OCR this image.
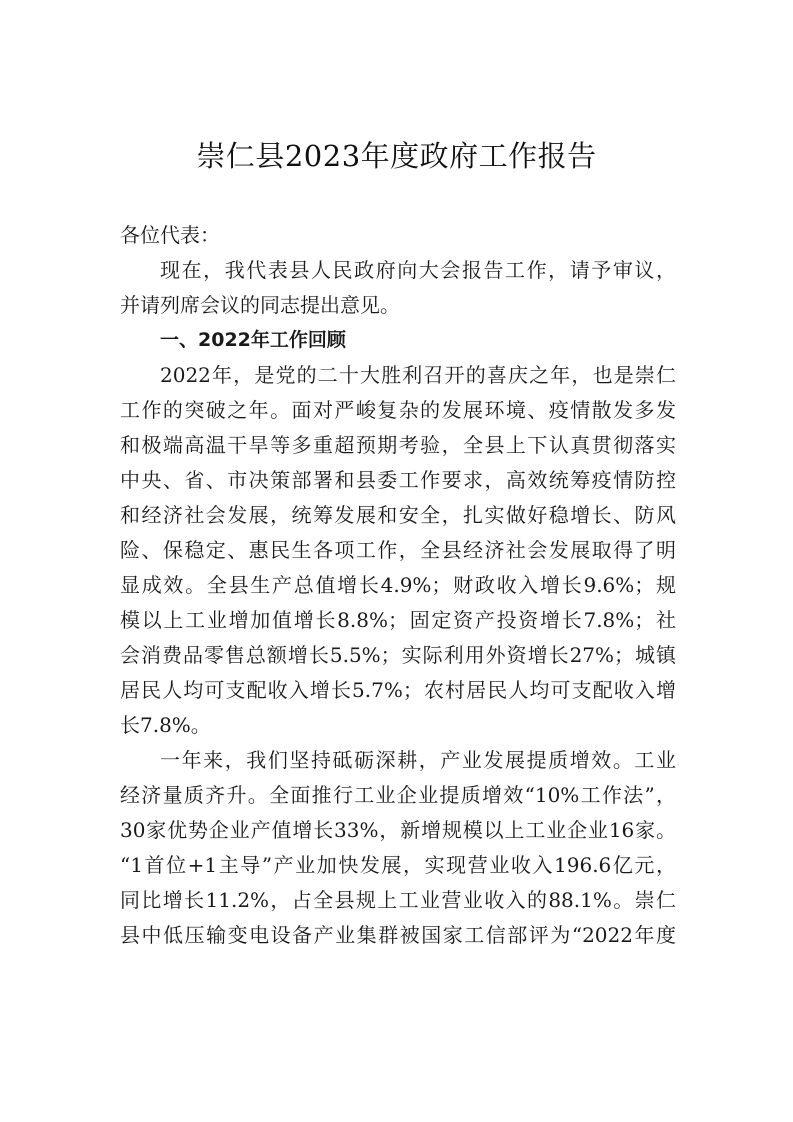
崇仁县2023年度政府工作报告
各位代表：
现在，我代表县人民政府向大会报告工作，请予审议，
并请列席会议的同志提出意见。
一、2022年工作回顾
2022年，是党的二十大胜利召开的喜庆之年，也是崇仁
工作的突破之年。面对严峻复杂的发展环境、疫情散发多发
和极端高温干旱等多重超预期考验，全县上下认真贯彻落实
中央、省、市决策部署和县委工作要求，高效统筹疫情防控
和经济社会发展，统筹发展和安全，扎实做好稳增长、防风
险、保稳定、惠民生各项工作，全县经济社会发展取得了明
显成效。全县生产总值增长4.9%；财政收入增长9.6%；规
模以上工业增加值增长8.8%；固定资产投资增长7.8%；社
会消费品零售总额增长5.5%；实际利用外资增长27%；城镇
居民人均可支配收入增长5.7%；农村居民人均可支配收入增
长7.8%。
一年来，我们坚持砥砺深耕，产业发展提质增效。工业
经济量质齐升。全面推行工业企业提质增效“10%工作法”，
30家优势企业产值增长33%，新增规模以上工业企业16家。
“1首位+1主导”产业加快发展，实现营业收入196.6亿元，
同比增长11.2%，占全县规上工业营业收入的88.1%。崇仁
县中低压输变电设备产业集群被国家工信部评为“2022年度
